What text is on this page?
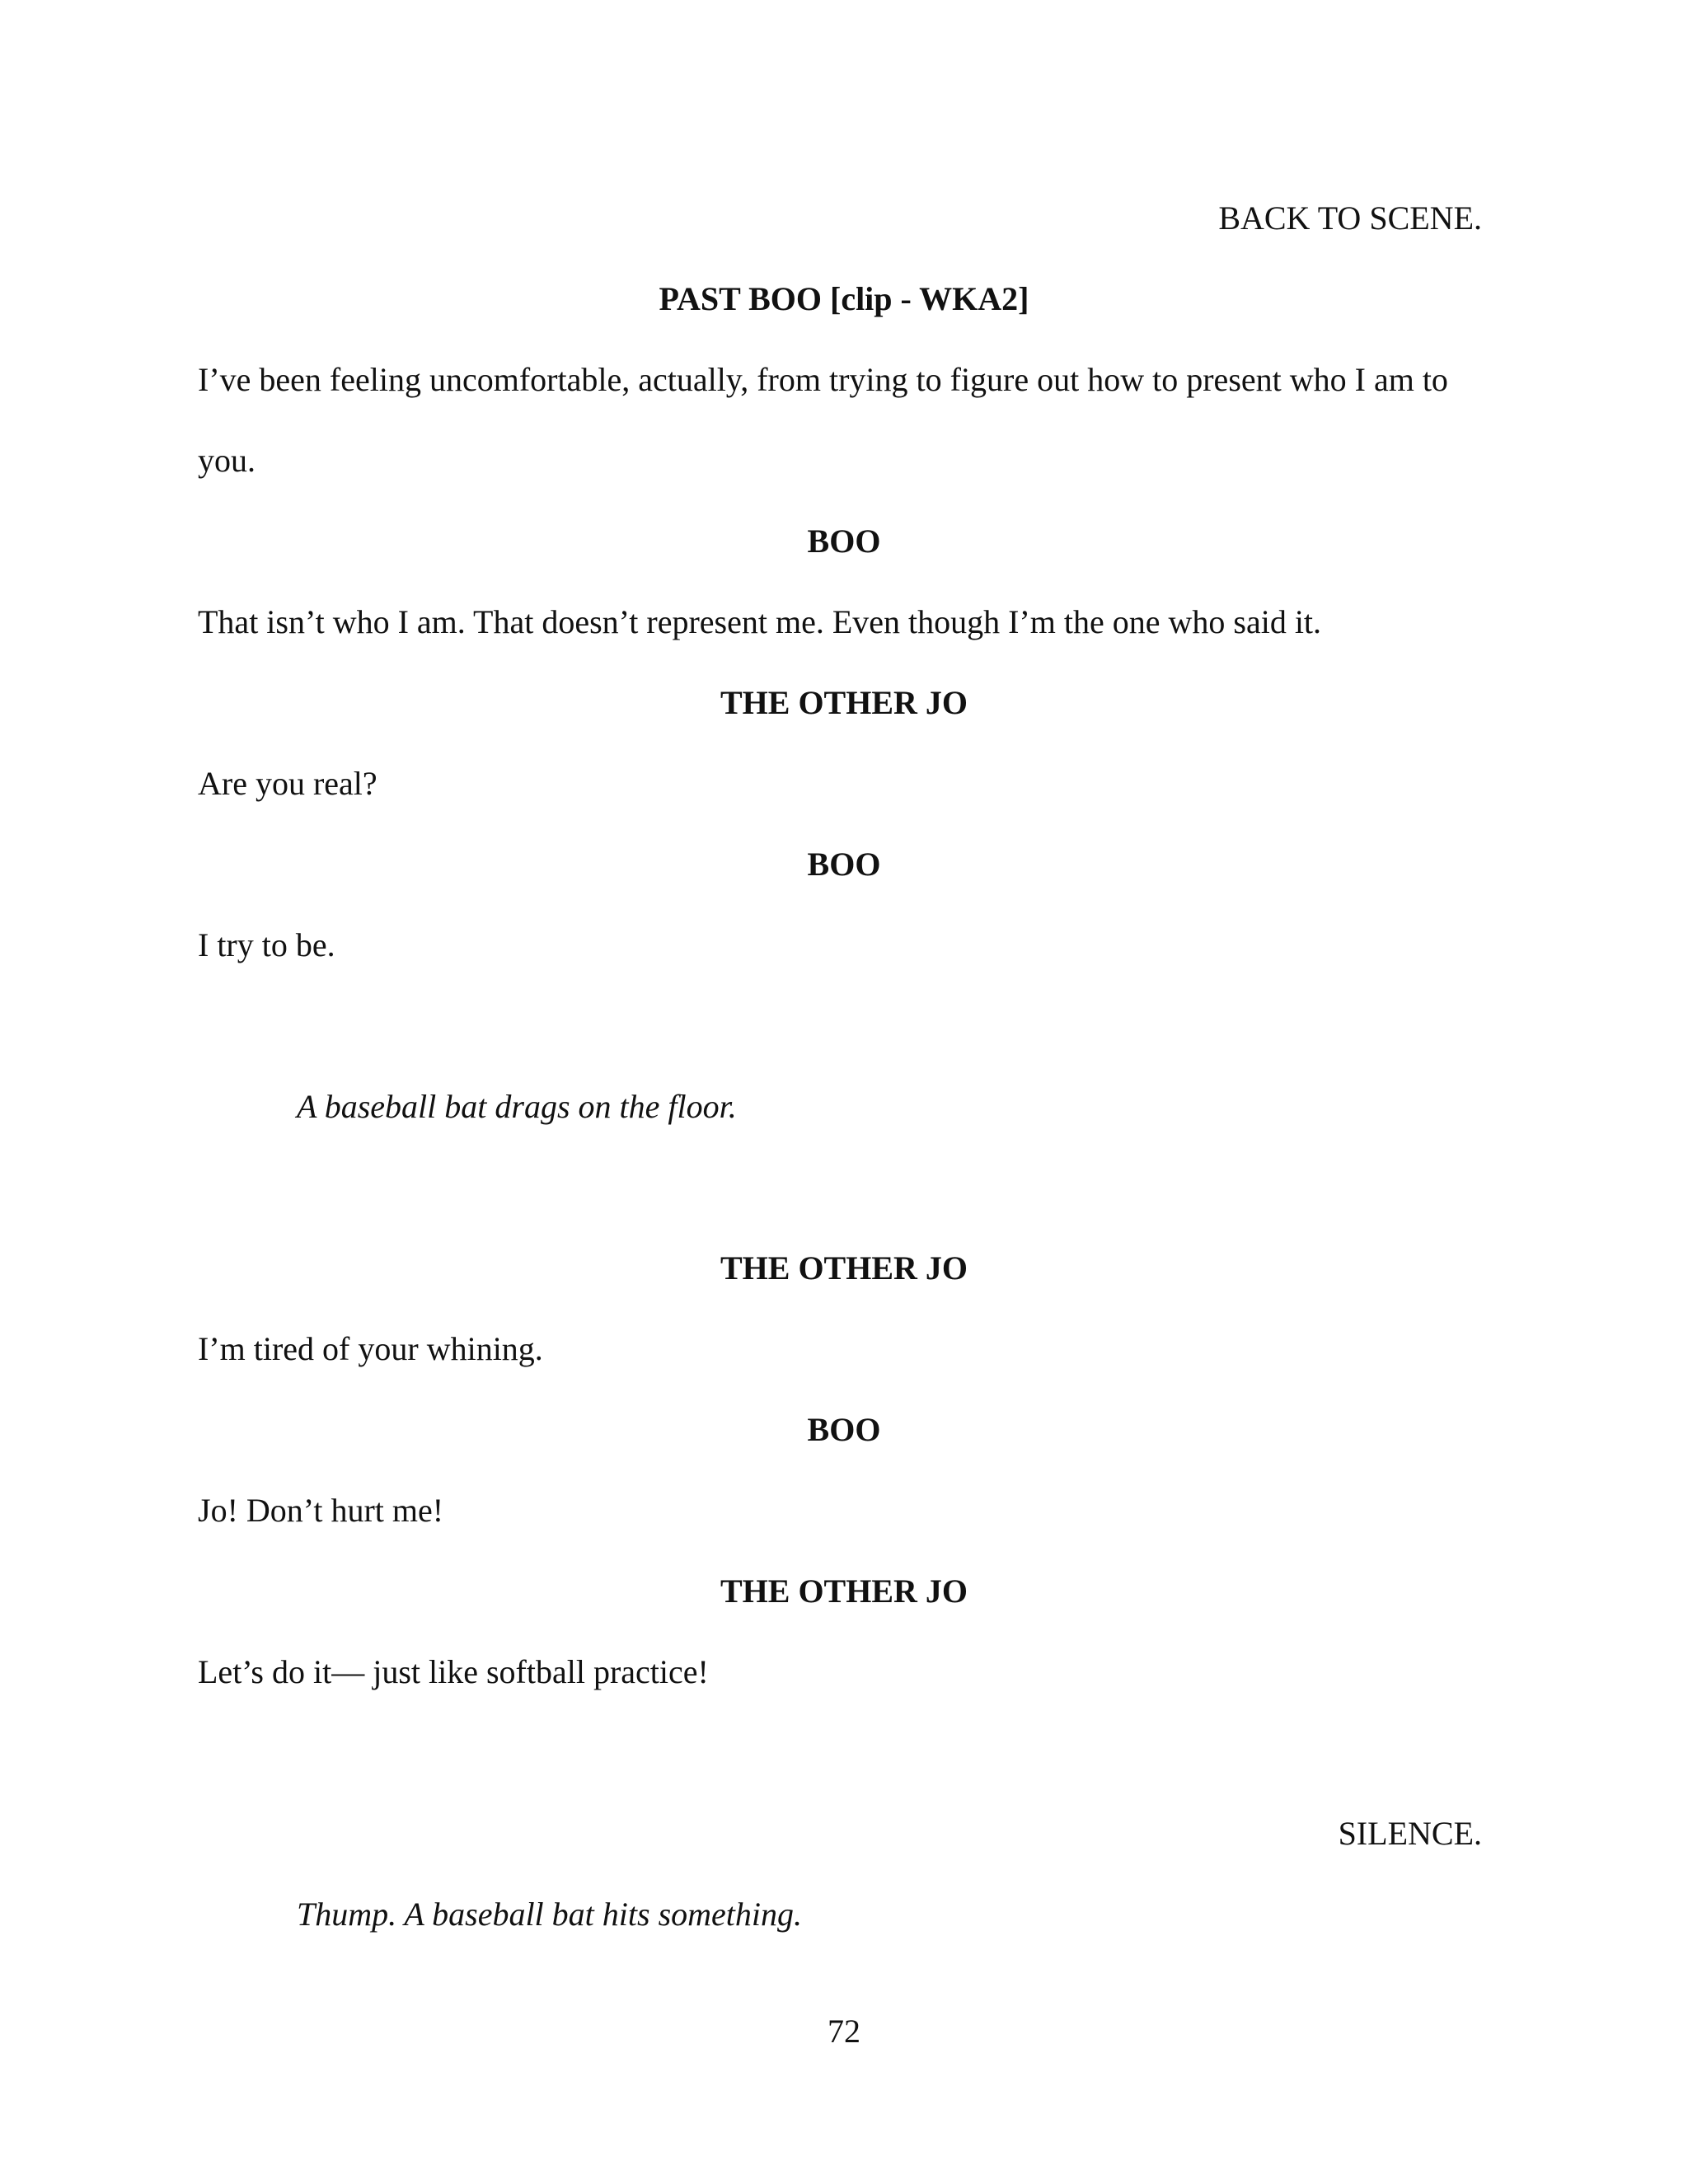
BACK TO SCENE.
PAST BOO [clip - WKA2]
I’ve been feeling uncomfortable, actually, from trying to figure out how to present who I am to
you.
BOO
That isn’t who I am. That doesn’t represent me. Even though I’m the one who said it.
THE OTHER JO
Are you real?
BOO
I try to be.
A baseball bat drags on the floor.
THE OTHER JO
I’m tired of your whining.
BOO
Jo! Don’t hurt me!
THE OTHER JO
Let’s do it— just like softball practice!
SILENCE.
Thump. A baseball bat hits something.
72
